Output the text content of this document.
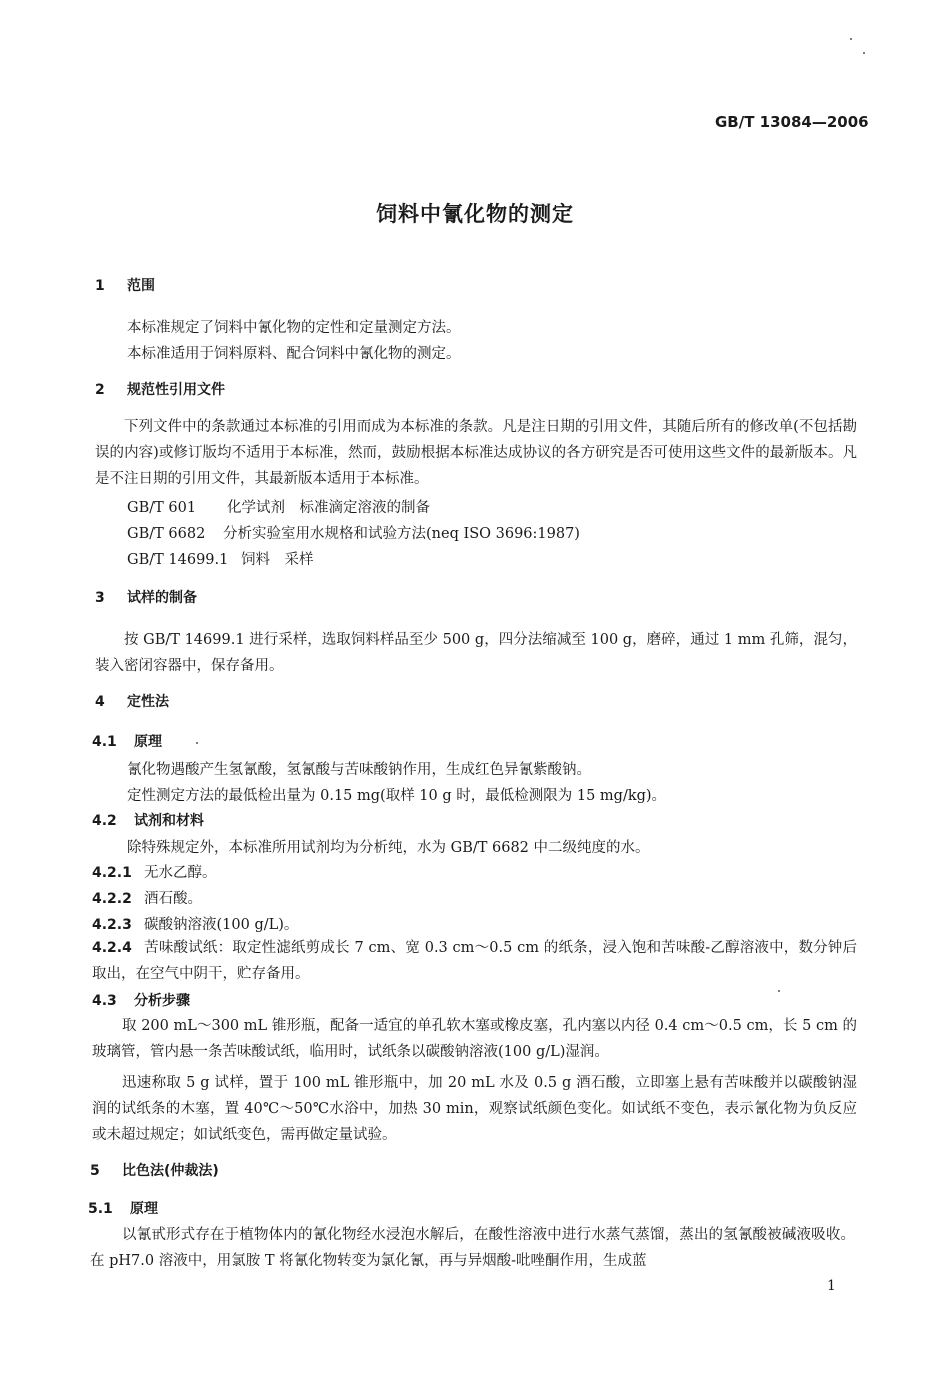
GB/T 13084—2006
饲料中氰化物的测定
1 范围
本标准规定了饲料中氰化物的定性和定量测定方法。
本标准适用于饲料原料、配合饲料中氰化物的测定。
2 规范性引用文件
下列文件中的条款通过本标准的引用而成为本标准的条款。凡是注日期的引用文件，其随后所有的修改单(不包括勘误的内容)或修订版均不适用于本标准，然而，鼓励根据本标准达成协议的各方研究是否可使用这些文件的最新版本。凡是不注日期的引用文件，其最新版本适用于本标准。
GB/T 601 化学试剂　标准滴定溶液的制备
GB/T 6682 分析实验室用水规格和试验方法(neq ISO 3696:1987)
GB/T 14699.1 饲料　采样
3 试样的制备
按 GB/T 14699.1 进行采样，选取饲料样品至少 500 g，四分法缩减至 100 g，磨碎，通过 1 mm 孔筛，混匀，装入密闭容器中，保存备用。
4 定性法
4.1 原理
氰化物遇酸产生氢氰酸，氢氰酸与苦味酸钠作用，生成红色异氰紫酸钠。
定性测定方法的最低检出量为 0.15 mg(取样 10 g 时，最低检测限为 15 mg/kg)。
4.2 试剂和材料
除特殊规定外，本标准所用试剂均为分析纯，水为 GB/T 6682 中二级纯度的水。
4.2.1 无水乙醇。
4.2.2 酒石酸。
4.2.3 碳酸钠溶液(100 g/L)。
4.2.4 苦味酸试纸：取定性滤纸剪成长 7 cm、宽 0.3 cm～0.5 cm 的纸条，浸入饱和苦味酸-乙醇溶液中，数分钟后取出，在空气中阴干，贮存备用。
4.3 分析步骤
取 200 mL～300 mL 锥形瓶，配备一适宜的单孔软木塞或橡皮塞，孔内塞以内径 0.4 cm～0.5 cm，长 5 cm 的玻璃管，管内悬一条苦味酸试纸，临用时，试纸条以碳酸钠溶液(100 g/L)湿润。
迅速称取 5 g 试样，置于 100 mL 锥形瓶中，加 20 mL 水及 0.5 g 酒石酸，立即塞上悬有苦味酸并以碳酸钠湿润的试纸条的木塞，置 40℃～50℃水浴中，加热 30 min，观察试纸颜色变化。如试纸不变色，表示氰化物为负反应或未超过规定；如试纸变色，需再做定量试验。
5 比色法(仲裁法)
5.1 原理
以氰甙形式存在于植物体内的氰化物经水浸泡水解后，在酸性溶液中进行水蒸气蒸馏，蒸出的氢氰酸被碱液吸收。在 pH7.0 溶液中，用氯胺 T 将氰化物转变为氯化氰，再与异烟酸-吡唑酮作用，生成蓝
1
